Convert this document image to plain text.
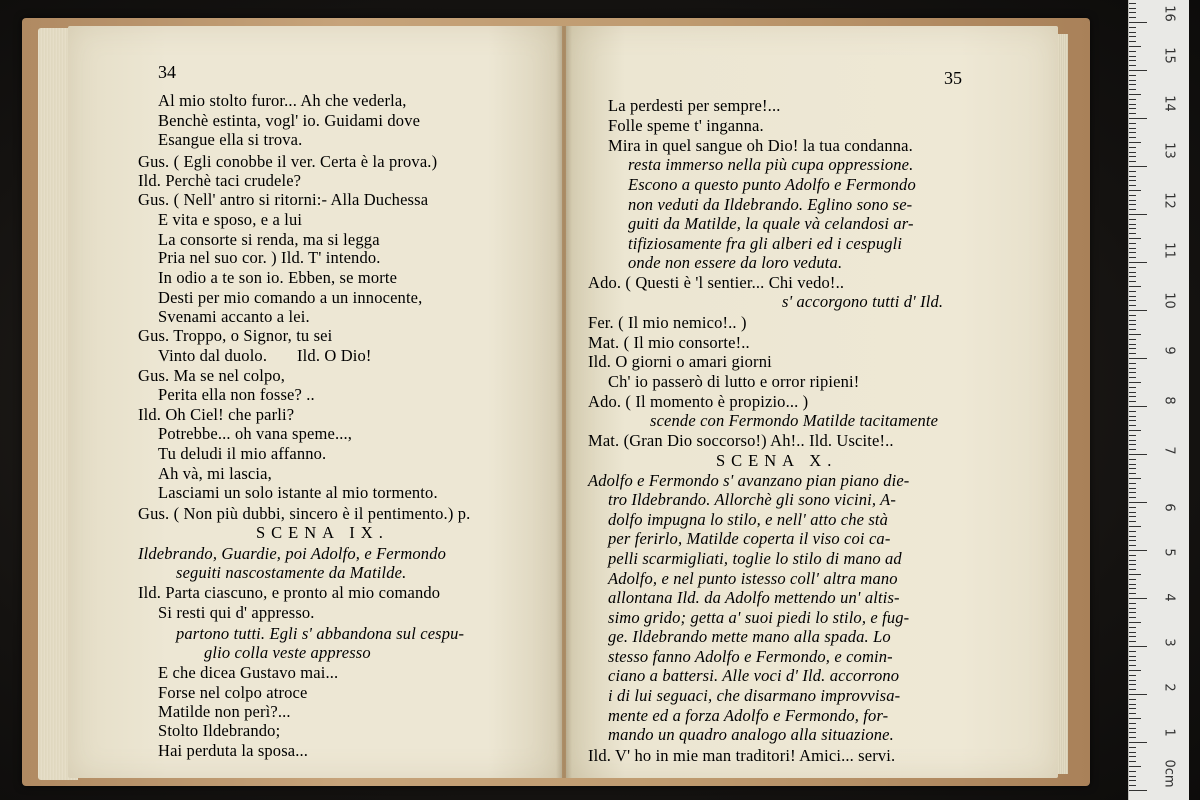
34	35
Al mio stolto furor... Ah che vederla,
Benchè estinta, vogl' io. Guidami dove
Esangue ella si trova.
Gus. ( Egli conobbe il ver. Certa è la prova.)
Ild. Perchè taci crudele?
Gus. ( Nell' antro si ritorni:- Alla Duchessa
E vita e sposo, e a lui
La consorte si renda, ma si legga
Pria nel suo cor. ) Ild. T' intendo.
In odio a te son io. Ebben, se morte
Desti per mio comando a un innocente,
Svenami accanto a lei.
Gus. Troppo, o Signor, tu sei
Vinto dal duolo.       Ild. O Dio!
Gus. Ma se nel colpo,
Perita ella non fosse? ..
Ild. Oh Ciel! che parli?
Potrebbe... oh vana speme...,
Tu deludi il mio affanno.
Ah và, mi lascia,
Lasciami un solo istante al mio tormento.
Gus. ( Non più dubbi, sincero è il pentimento.) p.
SCENA IX.
Ildebrando, Guardie, poi Adolfo, e Fermondo
seguiti nascostamente da Matilde.
Ild. Parta ciascuno, e pronto al mio comando
Si resti qui d' appresso.
partono tutti. Egli s' abbandona sul cespu-
glio colla veste appresso
E che dicea Gustavo mai...
Forse nel colpo atroce
Matilde non perì?...
Stolto Ildebrando;
Hai perduta la sposa...
La perdesti per sempre!...
Folle speme t' inganna.
Mira in quel sangue oh Dio! la tua condanna.
resta immerso nella più cupa oppressione.
Escono a questo punto Adolfo e Fermondo
non veduti da Ildebrando. Eglino sono se-
guiti da Matilde, la quale và celandosi ar-
tifiziosamente fra gli alberi ed i cespugli
onde non essere da loro veduta.
Ado. ( Questi è 'l sentier... Chi vedo!..
s' accorgono tutti d' Ild.
Fer. ( Il mio nemico!.. )
Mat. ( Il mio consorte!..
Ild. O giorni o amari giorni
Ch' io passerò di lutto e orror ripieni!
Ado. ( Il momento è propizio... )
scende con Fermondo Matilde tacitamente
Mat. (Gran Dio soccorso!) Ah!.. Ild. Uscite!..
SCENA X.
Adolfo e Fermondo s' avanzano pian piano die-
tro Ildebrando. Allorchè gli sono vicini, A-
dolfo impugna lo stilo, e nell' atto che stà
per ferirlo, Matilde coperta il viso coi ca-
pelli scarmigliati, toglie lo stilo di mano ad
Adolfo, e nel punto istesso coll' altra mano
allontana Ild. da Adolfo mettendo un' altis-
simo grido; getta a' suoi piedi lo stilo, e fug-
ge. Ildebrando mette mano alla spada. Lo
stesso fanno Adolfo e Fermondo, e comin-
ciano a battersi. Alle voci d' Ild. accorrono
i di lui seguaci, che disarmano improvvisa-
mente ed a forza Adolfo e Fermondo, for-
mando un quadro analogo alla situazione.
Ild. V' ho in mie man traditori! Amici... servi.
0cm
1
2
3
4
5
6
7
8
9
10
11
12
13
14
15
16
